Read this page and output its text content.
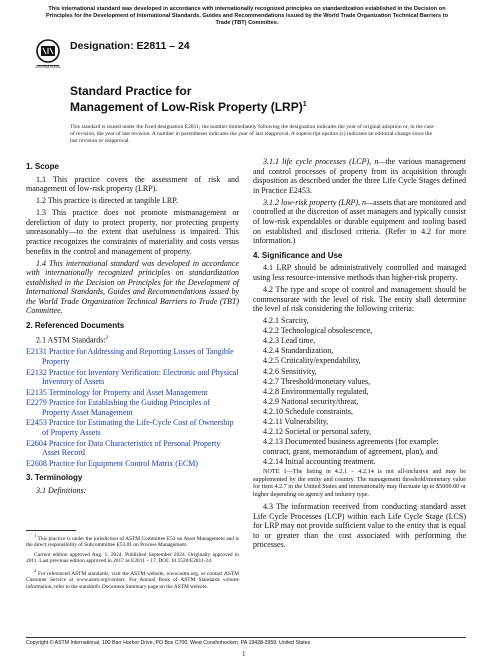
This international standard was developed in accordance with internationally recognized principles on standardization established in the Decision on Principles for the Development of International Standards, Guides and Recommendations issued by the World Trade Organization Technical Barriers to Trade (TBT) Committee.
INTERNATIONAL
Designation: E2811 – 24
Standard Practice for
Management of Low-Risk Property (LRP)$^1$
This standard is issued under the fixed designation E2811; the number immediately following the designation indicates the year of original adoption or, in the case of revision, the year of last revision. A number in parentheses indicates the year of last reapproval. A superscript epsilon (ε) indicates an editorial change since the last revision or reapproval.
1. Scope

1.1 This practice covers the assessment of risk and management of low-risk property (LRP).

1.2 This practice is directed at tangible LRP.

1.3 This practice does not promote mismanagement or dereliction of duty to protect property, nor protecting property unreasonably—to the extent that usefulness is impaired. This practice recognizes the constraints of materiality and costs versus benefits in the control and management of property.

1.4 This international standard was developed in accordance with internationally recognized principles on standardization established in the Decision on Principles for the Development of International Standards, Guides and Recommendations issued by the World Trade Organization Technical Barriers to Trade (TBT) Committee.

2. Referenced Documents

2.1 ASTM Standards:$^2$

E2131 Practice for Addressing and Reporting Losses of Tangible Property
E2132 Practice for Inventory Verification: Electronic and Physical Inventory of Assets
E2135 Terminology for Property and Asset Management
E2279 Practice for Establishing the Guiding Principles of Property Asset Management
E2453 Practice for Estimating the Life-Cycle Cost of Ownership of Property Assets
E2604 Practice for Data Characteristics of Personal Property Asset Record
E2608 Practice for Equipment Control Matrix (ECM)
3. Terminology

3.1 Definitions:

$^1$ This practice is under the jurisdiction of ASTM Committee E53 on Asset Management and is the direct responsibility of Subcommittee E53.01 on Process Management.

Current edition approved Aug. 1, 2024. Published September 2024. Originally approved in 2011. Last previous edition approved in 2017 as E2811 – 17. DOI: 10.1520/E2811-24.

$^2$ For referenced ASTM standards, visit the ASTM website, www.astm.org, or contact ASTM Customer Service at www.astm.org/contact. For Annual Book of ASTM Standards volume information, refer to the standard's Document Summary page on the ASTM website.

3.1.1 life cycle processes (LCP), n—the various management and control processes of property from its acquisition through disposition as described under the three Life Cycle Stages defined in Practice E2453.

3.1.2 low-risk property (LRP), n—assets that are monitored and controlled at the discretion of asset managers and typically consist of low-risk expendables or durable equipment and tooling based on established and disclosed criteria. (Refer to 4.2 for more information.)

4. Significance and Use

4.1 LRP should be administratively controlled and managed using less resource-intensive methods than higher-risk property.

4.2 The type and scope of control and management should be commensurate with the level of risk. The entity shall determine the level of risk considering the following criteria:

4.2.1 Scarcity,
4.2.2 Technological obsolescence,
4.2.3 Lead time,
4.2.4 Standardization,
4.2.5 Criticality/expendability,
4.2.6 Sensitivity,
4.2.7 Threshold/monetary values,
4.2.8 Environmentally regulated,
4.2.9 National security/threat,
4.2.10 Schedule constraints,
4.2.11 Vulnerability,
4.2.12 Societal or personal safety,
4.2.13 Documented business agreements (for example: contract, grant, memorandum of agreement, plan), and
4.2.14 Initial accounting treatment.
NOTE 1—The listing in 4.2.1 – 4.2.14 is not all-inclusive and may be supplemented by the entity and country. The management threshold/monetary value for item 4.2.7 in the United States and internationally may fluctuate up to $5000.00 or higher depending on agency and industry type.

4.3 The information received from conducting standard asset Life Cycle Processes (LCP) within each Life Cycle Stage (LCS) for LRP may not provide sufficient value to the entity that is equal to or greater than the cost associated with performing the processes.

Copyright © ASTM International, 100 Barr Harbor Drive, PO Box C700, West Conshohocken, PA 19428-2959. United States
1
